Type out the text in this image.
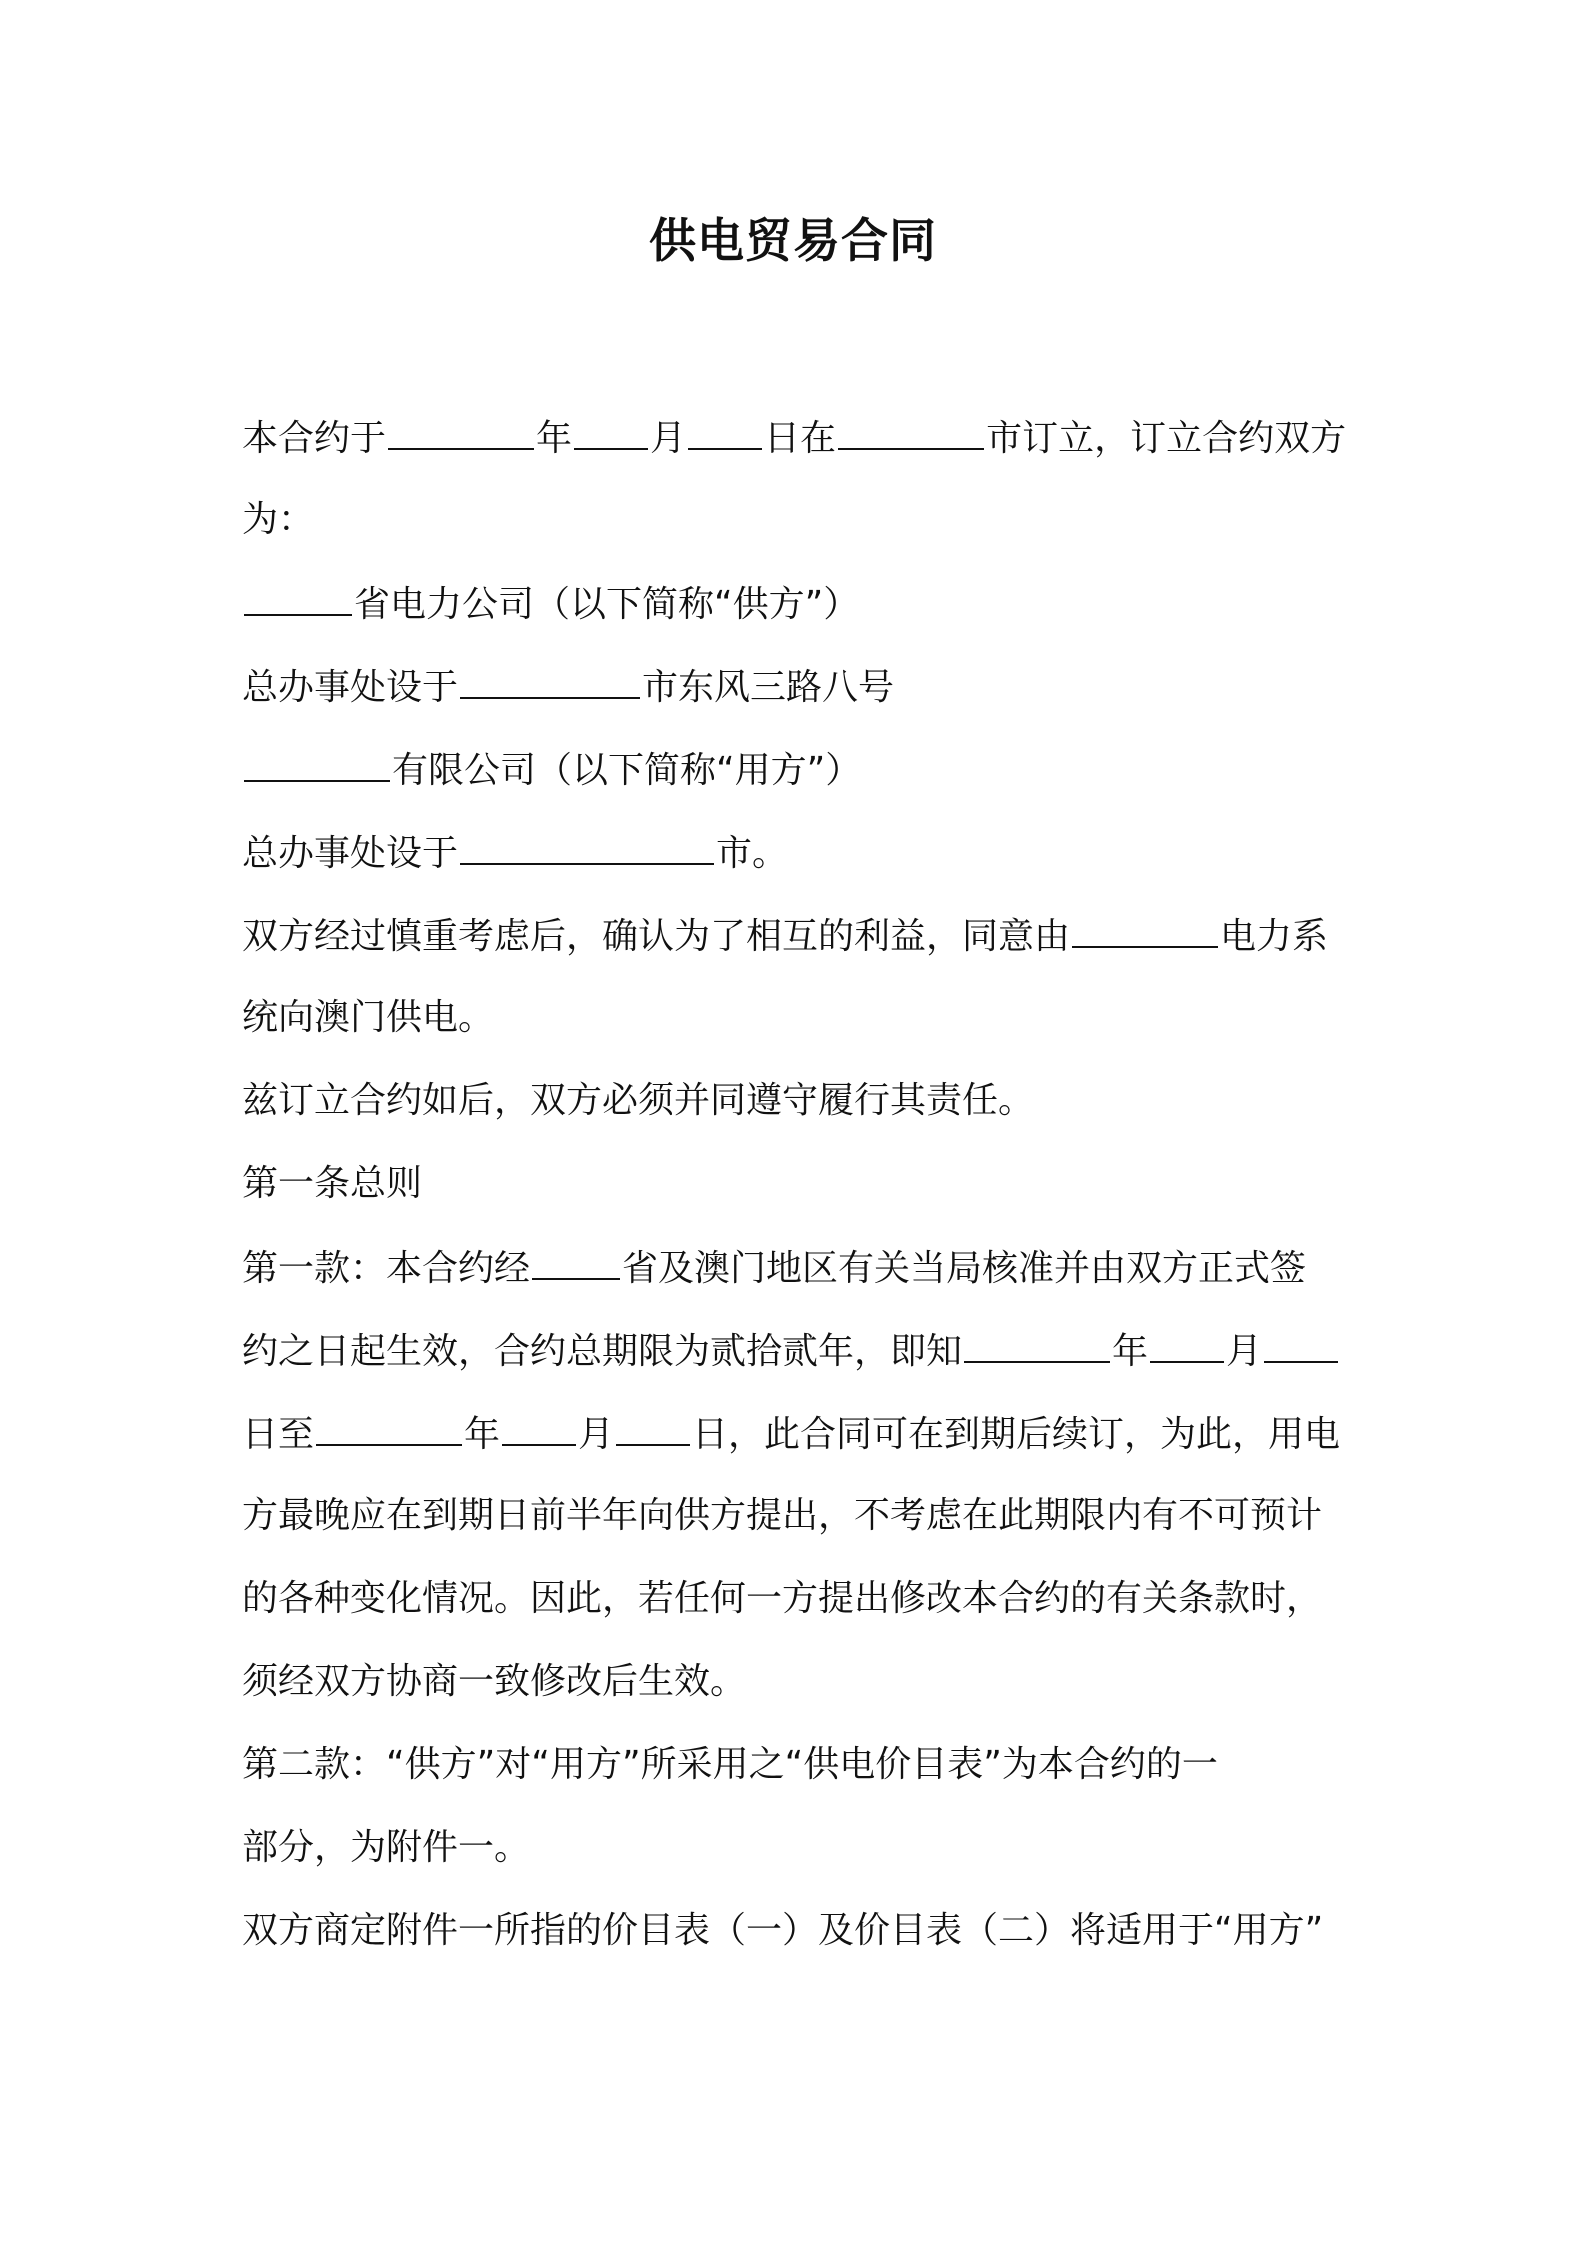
供电贸易合同
本合约于	年 月 日在	市订立，订立合约双方
为：
省电力公司（以下简称“供方”）
总办事处设于	市东风三路八号
有限公司（以下简称“用方”）
总办事处设于	市。
双方经过慎重考虑后，确认为了相互的利益，同意由	电力系
统向澳门供电。
兹订立合约如后，双方必须并同遵守履行其责任。
第一条总则
第一款：本合约经	省及澳门地区有关当局核准并由双方正式签
约之日起生效，合约总期限为贰拾贰年，即知	年 月
日至	年 月 日，此合同可在到期后续订，为此，用电
方最晚应在到期日前半年向供方提出，不考虑在此期限内有不可预计
的各种变化情况。因此，若任何一方提出修改本合约的有关条款时，
须经双方协商一致修改后生效。
第二款：“供方”对“用方”所采用之“供电价目表”为本合约的一
部分，为附件一。
双方商定附件一所指的价目表（一）及价目表（二）将适用于“用方”
